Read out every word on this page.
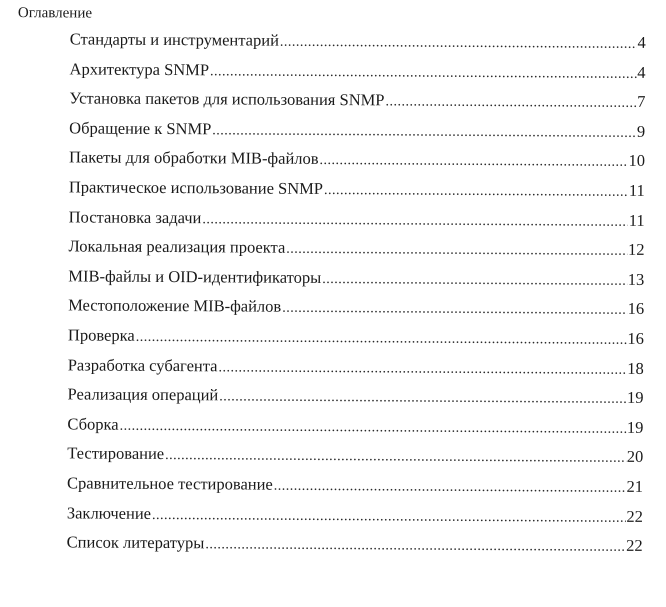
Оглавление
Стандарты и инструментарий .....	4
Архитектура SNMP .....	4
Установка пакетов для использования SNMP .....	7
Обращение к SNMP .....	9
Пакеты для обработки MIB-файлов .....	10
Практическое использование SNMP .....	11
Постановка задачи .....	11
Локальная реализация проекта .....	12
MIB-файлы и OID-идентификаторы .....	13
Местоположение MIB-файлов .....	16
Проверка .....	16
Разработка субагента .....	18
Реализация операций .....	19
Сборка .....	19
Тестирование .....	20
Сравнительное тестирование .....	21
Заключение .....	22
Список литературы .....	22
